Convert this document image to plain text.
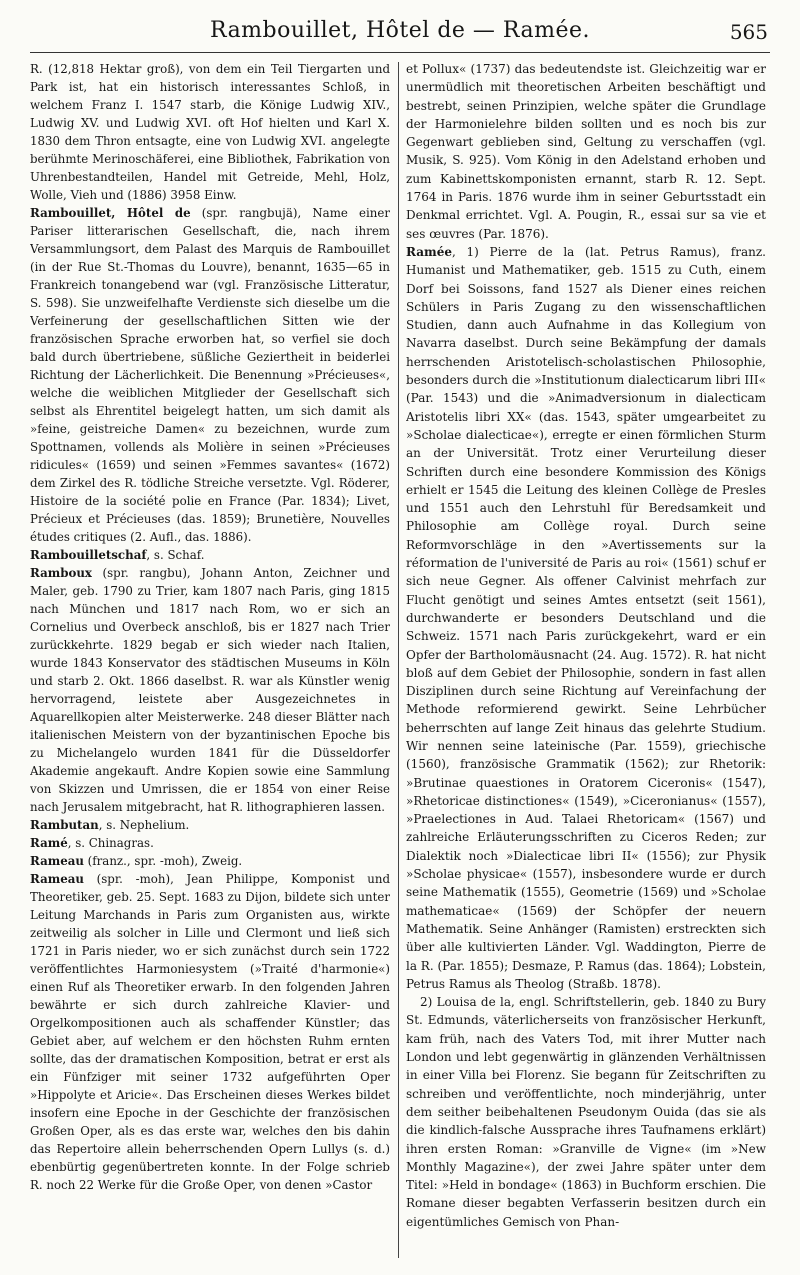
Rambouillet, Hôtel de — Ramée.	565

R. (12,818 Hektar groß), von dem ein Teil Tiergarten und Park ist, hat ein historisch interessantes Schloß, in welchem Franz I. 1547 starb, die Könige Ludwig XIV., Ludwig XV. und Ludwig XVI. oft Hof hielten und Karl X. 1830 dem Thron entsagte, eine von Ludwig XVI. angelegte berühmte Merinoschäferei, eine Bibliothek, Fabrikation von Uhrenbestandteilen, Handel mit Getreide, Mehl, Holz, Wolle, Vieh und (1886) 3958 Einw.

Rambouillet, Hôtel de (spr. rangbujä), Name einer Pariser litterarischen Gesellschaft, die, nach ihrem Versammlungsort, dem Palast des Marquis de Rambouillet (in der Rue St.-Thomas du Louvre), benannt, 1635—65 in Frankreich tonangebend war (vgl. Französische Litteratur, S. 598). Sie unzweifelhafte Verdienste sich dieselbe um die Verfeinerung der gesellschaftlichen Sitten wie der französischen Sprache erworben hat, so verfiel sie doch bald durch übertriebene, süßliche Geziertheit in beiderlei Richtung der Lächerlichkeit. Die Benennung »Précieuses«, welche die weiblichen Mitglieder der Gesellschaft sich selbst als Ehrentitel beigelegt hatten, um sich damit als »feine, geistreiche Damen« zu bezeichnen, wurde zum Spottnamen, vollends als Molière in seinen »Précieuses ridicules« (1659) und seinen »Femmes savantes« (1672) dem Zirkel des R. tödliche Streiche versetzte. Vgl. Röderer, Histoire de la société polie en France (Par. 1834); Livet, Précieux et Précieuses (das. 1859); Brunetière, Nouvelles études critiques (2. Aufl., das. 1886).

Rambouilletschaf, s. Schaf.

Ramboux (spr. rangbu), Johann Anton, Zeichner und Maler, geb. 1790 zu Trier, kam 1807 nach Paris, ging 1815 nach München und 1817 nach Rom, wo er sich an Cornelius und Overbeck anschloß, bis er 1827 nach Trier zurückkehrte. 1829 begab er sich wieder nach Italien, wurde 1843 Konservator des städtischen Museums in Köln und starb 2. Okt. 1866 daselbst. R. war als Künstler wenig hervorragend, leistete aber Ausgezeichnetes in Aquarellkopien alter Meisterwerke. 248 dieser Blätter nach italienischen Meistern von der byzantinischen Epoche bis zu Michelangelo wurden 1841 für die Düsseldorfer Akademie angekauft. Andre Kopien sowie eine Sammlung von Skizzen und Umrissen, die er 1854 von einer Reise nach Jerusalem mitgebracht, hat R. lithographieren lassen.

Rambutan, s. Nephelium.

Ramé, s. Chinagras.

Rameau (franz., spr. -moh), Zweig.

Rameau (spr. -moh), Jean Philippe, Komponist und Theoretiker, geb. 25. Sept. 1683 zu Dijon, bildete sich unter Leitung Marchands in Paris zum Organisten aus, wirkte zeitweilig als solcher in Lille und Clermont und ließ sich 1721 in Paris nieder, wo er sich zunächst durch sein 1722 veröffentlichtes Harmoniesystem (»Traité d'harmonie«) einen Ruf als Theoretiker erwarb. In den folgenden Jahren bewährte er sich durch zahlreiche Klavier- und Orgelkompositionen auch als schaffender Künstler; das Gebiet aber, auf welchem er den höchsten Ruhm ernten sollte, das der dramatischen Komposition, betrat er erst als ein Fünfziger mit seiner 1732 aufgeführten Oper »Hippolyte et Aricie«. Das Erscheinen dieses Werkes bildet insofern eine Epoche in der Geschichte der französischen Großen Oper, als es das erste war, welches den bis dahin das Repertoire allein beherrschenden Opern Lullys (s. d.) ebenbürtig gegenübertreten konnte. In der Folge schrieb R. noch 22 Werke für die Große Oper, von denen »Castor

et Pollux« (1737) das bedeutendste ist. Gleichzeitig war er unermüdlich mit theoretischen Arbeiten beschäftigt und bestrebt, seinen Prinzipien, welche später die Grundlage der Harmonielehre bilden sollten und es noch bis zur Gegenwart geblieben sind, Geltung zu verschaffen (vgl. Musik, S. 925). Vom König in den Adelstand erhoben und zum Kabinettskomponisten ernannt, starb R. 12. Sept. 1764 in Paris. 1876 wurde ihm in seiner Geburtsstadt ein Denkmal errichtet. Vgl. A. Pougin, R., essai sur sa vie et ses œuvres (Par. 1876).

Ramée, 1) Pierre de la (lat. Petrus Ramus), franz. Humanist und Mathematiker, geb. 1515 zu Cuth, einem Dorf bei Soissons, fand 1527 als Diener eines reichen Schülers in Paris Zugang zu den wissenschaftlichen Studien, dann auch Aufnahme in das Kollegium von Navarra daselbst. Durch seine Bekämpfung der damals herrschenden Aristotelisch-scholastischen Philosophie, besonders durch die »Institutionum dialecticarum libri III« (Par. 1543) und die »Animadversionum in dialecticam Aristotelis libri XX« (das. 1543, später umgearbeitet zu »Scholae dialecticae«), erregte er einen förmlichen Sturm an der Universität. Trotz einer Verurteilung dieser Schriften durch eine besondere Kommission des Königs erhielt er 1545 die Leitung des kleinen Collège de Presles und 1551 auch den Lehrstuhl für Beredsamkeit und Philosophie am Collège royal. Durch seine Reformvorschläge in den »Avertissements sur la réformation de l'université de Paris au roi« (1561) schuf er sich neue Gegner. Als offener Calvinist mehrfach zur Flucht genötigt und seines Amtes entsetzt (seit 1561), durchwanderte er besonders Deutschland und die Schweiz. 1571 nach Paris zurückgekehrt, ward er ein Opfer der Bartholomäusnacht (24. Aug. 1572). R. hat nicht bloß auf dem Gebiet der Philosophie, sondern in fast allen Disziplinen durch seine Richtung auf Vereinfachung der Methode reformierend gewirkt. Seine Lehrbücher beherrschten auf lange Zeit hinaus das gelehrte Studium. Wir nennen seine lateinische (Par. 1559), griechische (1560), französische Grammatik (1562); zur Rhetorik: »Brutinae quaestiones in Oratorem Ciceronis« (1547), »Rhetoricae distinctiones« (1549), »Ciceronianus« (1557), »Praelectiones in Aud. Talaei Rhetoricam« (1567) und zahlreiche Erläuterungsschriften zu Ciceros Reden; zur Dialektik noch »Dialecticae libri II« (1556); zur Physik »Scholae physicae« (1557), insbesondere wurde er durch seine Mathematik (1555), Geometrie (1569) und »Scholae mathematicae« (1569) der Schöpfer der neuern Mathematik. Seine Anhänger (Ramisten) erstreckten sich über alle kultivierten Länder. Vgl. Waddington, Pierre de la R. (Par. 1855); Desmaze, P. Ramus (das. 1864); Lobstein, Petrus Ramus als Theolog (Straßb. 1878).

2) Louisa de la, engl. Schriftstellerin, geb. 1840 zu Bury St. Edmunds, väterlicherseits von französischer Herkunft, kam früh, nach des Vaters Tod, mit ihrer Mutter nach London und lebt gegenwärtig in glänzenden Verhältnissen in einer Villa bei Florenz. Sie begann für Zeitschriften zu schreiben und veröffentlichte, noch minderjährig, unter dem seither beibehaltenen Pseudonym Ouida (das sie als die kindlich-falsche Aussprache ihres Taufnamens erklärt) ihren ersten Roman: »Granville de Vigne« (im »New Monthly Magazine«), der zwei Jahre später unter dem Titel: »Held in bondage« (1863) in Buchform erschien. Die Romane dieser begabten Verfasserin besitzen durch ein eigentümliches Gemisch von Phan-
